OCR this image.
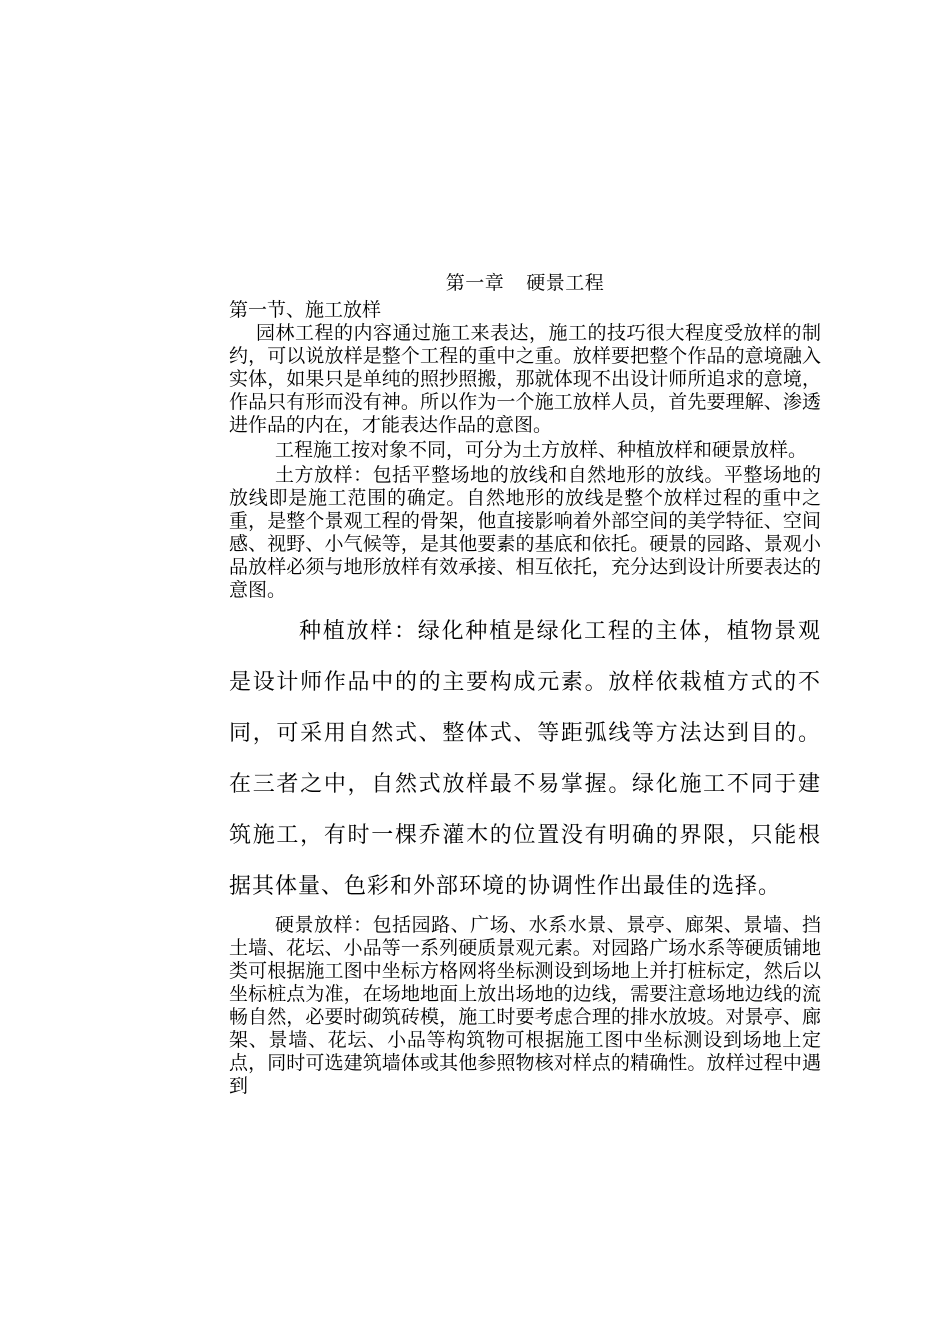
第一章 硬景工程
第一节、施工放样

园林工程的内容通过施工来表达，施工的技巧很大程度受放样的制约，可以说放样是整个工程的重中之重。放样要把整个作品的意境融入实体，如果只是单纯的照抄照搬，那就体现不出设计师所追求的意境，作品只有形而没有神。所以作为一个施工放样人员，首先要理解、渗透进作品的内在，才能表达作品的意图。

工程施工按对象不同，可分为土方放样、种植放样和硬景放样。

土方放样：包括平整场地的放线和自然地形的放线。平整场地的放线即是施工范围的确定。自然地形的放线是整个放样过程的重中之重，是整个景观工程的骨架，他直接影响着外部空间的美学特征、空间感、视野、小气候等，是其他要素的基底和依托。硬景的园路、景观小品放样必须与地形放样有效承接、相互依托，充分达到设计所要表达的意图。

种植放样：绿化种植是绿化工程的主体，植物景观是设计师作品中的的主要构成元素。放样依栽植方式的不同，可采用自然式、整体式、等距弧线等方法达到目的。在三者之中，自然式放样最不易掌握。绿化施工不同于建筑施工，有时一棵乔灌木的位置没有明确的界限，只能根据其体量、色彩和外部环境的协调性作出最佳的选择。

硬景放样：包括园路、广场、水系水景、景亭、廊架、景墙、挡土墙、花坛、小品等一系列硬质景观元素。对园路广场水系等硬质铺地类可根据施工图中坐标方格网将坐标测设到场地上并打桩标定，然后以坐标桩点为准，在场地地面上放出场地的边线，需要注意场地边线的流畅自然，必要时砌筑砖模，施工时要考虑合理的排水放坡。对景亭、廊架、景墙、花坛、小品等构筑物可根据施工图中坐标测设到场地上定点，同时可选建筑墙体或其他参照物核对样点的精确性。放样过程中遇到
